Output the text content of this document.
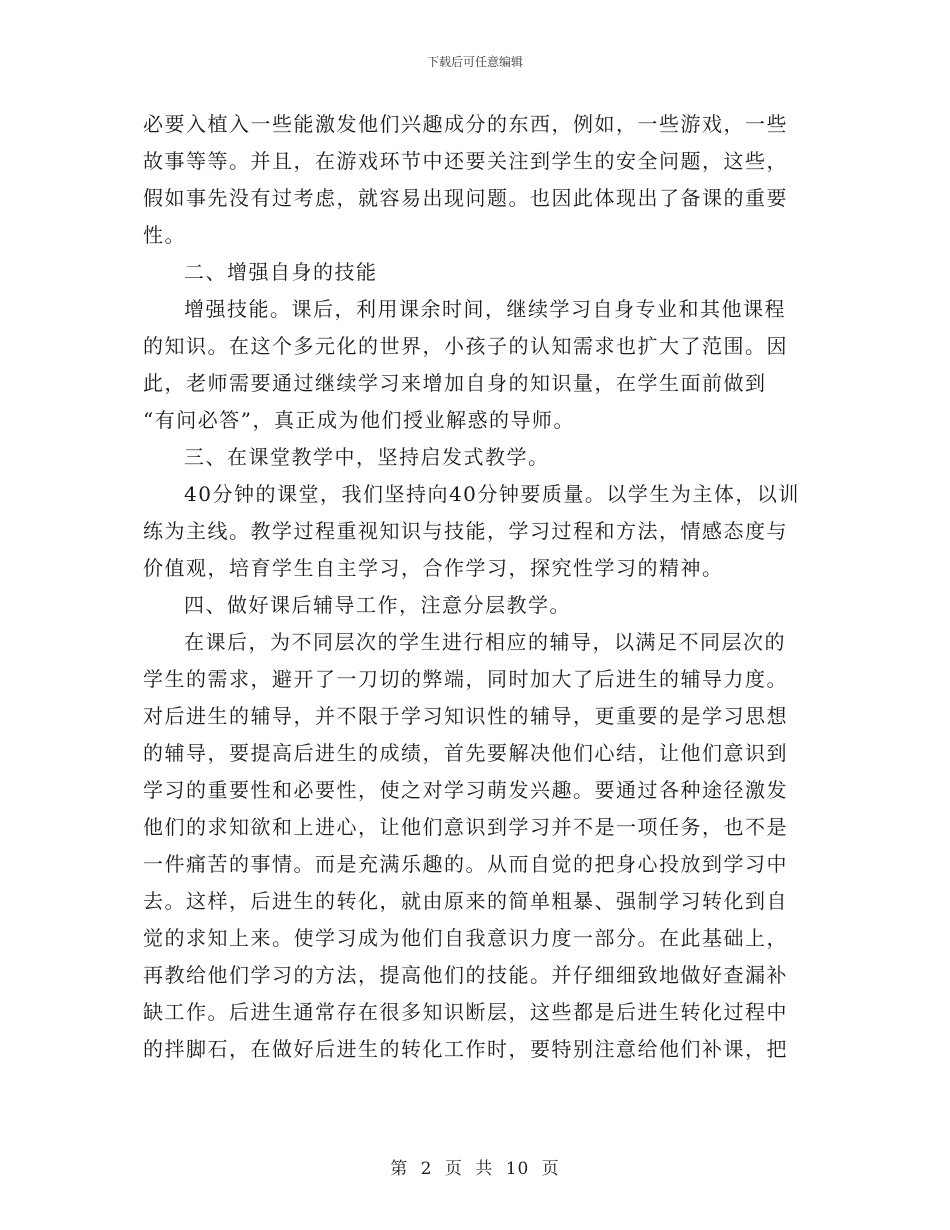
下载后可任意编辑
必要入植入一些能激发他们兴趣成分的东西，例如，一些游戏，一些
故事等等。并且，在游戏环节中还要关注到学生的安全问题，这些，
假如事先没有过考虑，就容易出现问题。也因此体现出了备课的重要
性。
二、增强自身的技能
增强技能。课后，利用课余时间，继续学习自身专业和其他课程
的知识。在这个多元化的世界，小孩子的认知需求也扩大了范围。因
此，老师需要通过继续学习来增加自身的知识量，在学生面前做到
“有问必答”，真正成为他们授业解惑的导师。
三、在课堂教学中，坚持启发式教学。
40分钟的课堂，我们坚持向40分钟要质量。以学生为主体，以训
练为主线。教学过程重视知识与技能，学习过程和方法，情感态度与
价值观，培育学生自主学习，合作学习，探究性学习的精神。
四、做好课后辅导工作，注意分层教学。
在课后，为不同层次的学生进行相应的辅导，以满足不同层次的
学生的需求，避开了一刀切的弊端，同时加大了后进生的辅导力度。
对后进生的辅导，并不限于学习知识性的辅导，更重要的是学习思想
的辅导，要提高后进生的成绩，首先要解决他们心结，让他们意识到
学习的重要性和必要性，使之对学习萌发兴趣。要通过各种途径激发
他们的求知欲和上进心，让他们意识到学习并不是一项任务，也不是
一件痛苦的事情。而是充满乐趣的。从而自觉的把身心投放到学习中
去。这样，后进生的转化，就由原来的简单粗暴、强制学习转化到自
觉的求知上来。使学习成为他们自我意识力度一部分。在此基础上，
再教给他们学习的方法，提高他们的技能。并仔细细致地做好查漏补
缺工作。后进生通常存在很多知识断层，这些都是后进生转化过程中
的拌脚石，在做好后进生的转化工作时，要特别注意给他们补课，把
第 2 页 共 10 页
